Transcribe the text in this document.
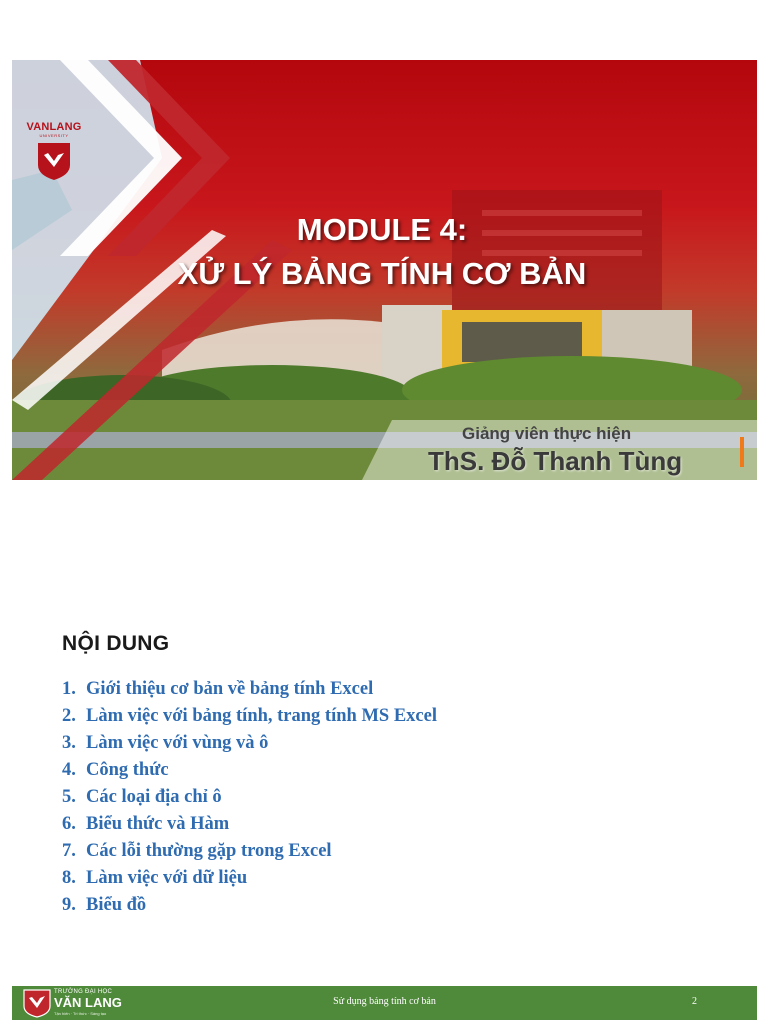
VANLANG
UNIVERSITY
MODULE 4:
XỬ LÝ BẢNG TÍNH CƠ BẢN
Giảng viên thực hiện
ThS. Đỗ Thanh Tùng
NỘI DUNG
1. Giới thiệu cơ bản về bảng tính Excel
2. Làm việc với bảng tính, trang tính MS Excel
3. Làm việc với vùng và ô
4. Công thức
5. Các loại địa chỉ ô
6. Biểu thức và Hàm
7. Các lỗi thường gặp trong Excel
8. Làm việc với dữ liệu
9. Biểu đồ
TRƯỜNG ĐẠI HỌC
VĂN LANG
Tận hiến · Tri thức · Sáng tạo
Sử dụng bảng tính cơ bản	2
